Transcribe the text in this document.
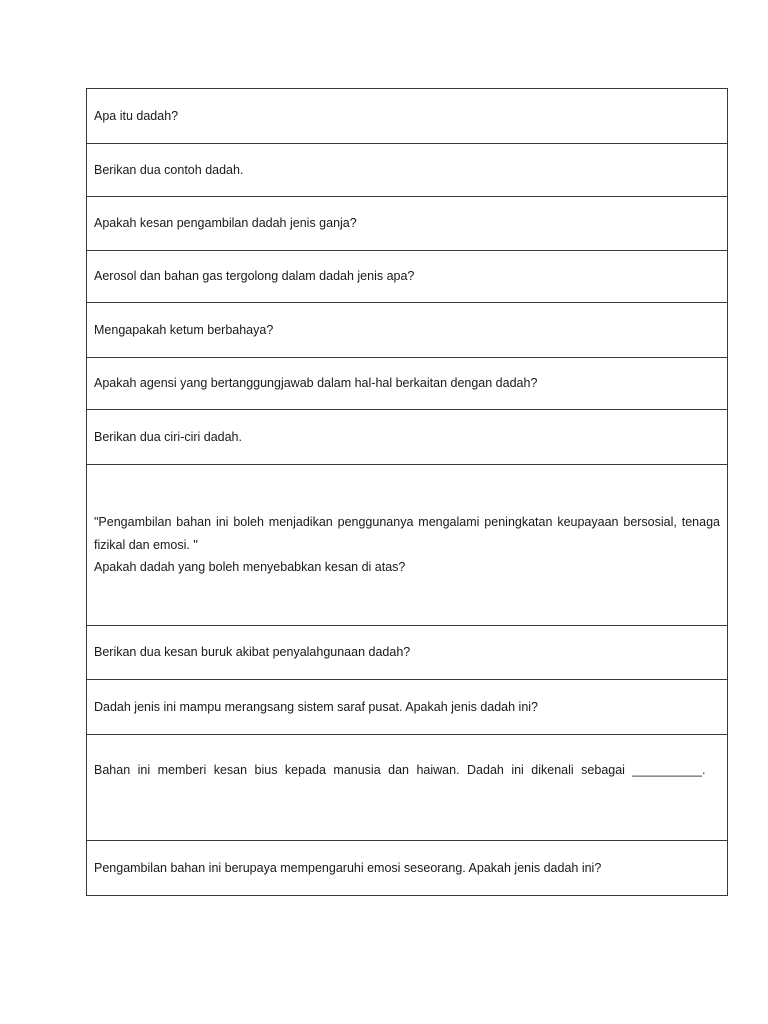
Apa itu dadah?
Berikan dua contoh dadah.
Apakah kesan pengambilan dadah jenis ganja?
Aerosol dan bahan gas tergolong dalam dadah jenis apa?
Mengapakah ketum berbahaya?
Apakah agensi yang bertanggungjawab dalam hal-hal berkaitan dengan dadah?
Berikan dua ciri-ciri dadah.
"Pengambilan bahan ini boleh menjadikan penggunanya mengalami peningkatan keupayaan bersosial, tenaga fizikal dan emosi. "
Apakah dadah yang boleh menyebabkan kesan di atas?
Berikan dua kesan buruk akibat penyalahgunaan dadah?
Dadah jenis ini mampu merangsang sistem saraf pusat. Apakah jenis dadah ini?
Bahan ini memberi kesan bius kepada manusia dan haiwan. Dadah ini dikenali sebagai __________.
Pengambilan bahan ini berupaya mempengaruhi emosi seseorang. Apakah jenis dadah ini?
